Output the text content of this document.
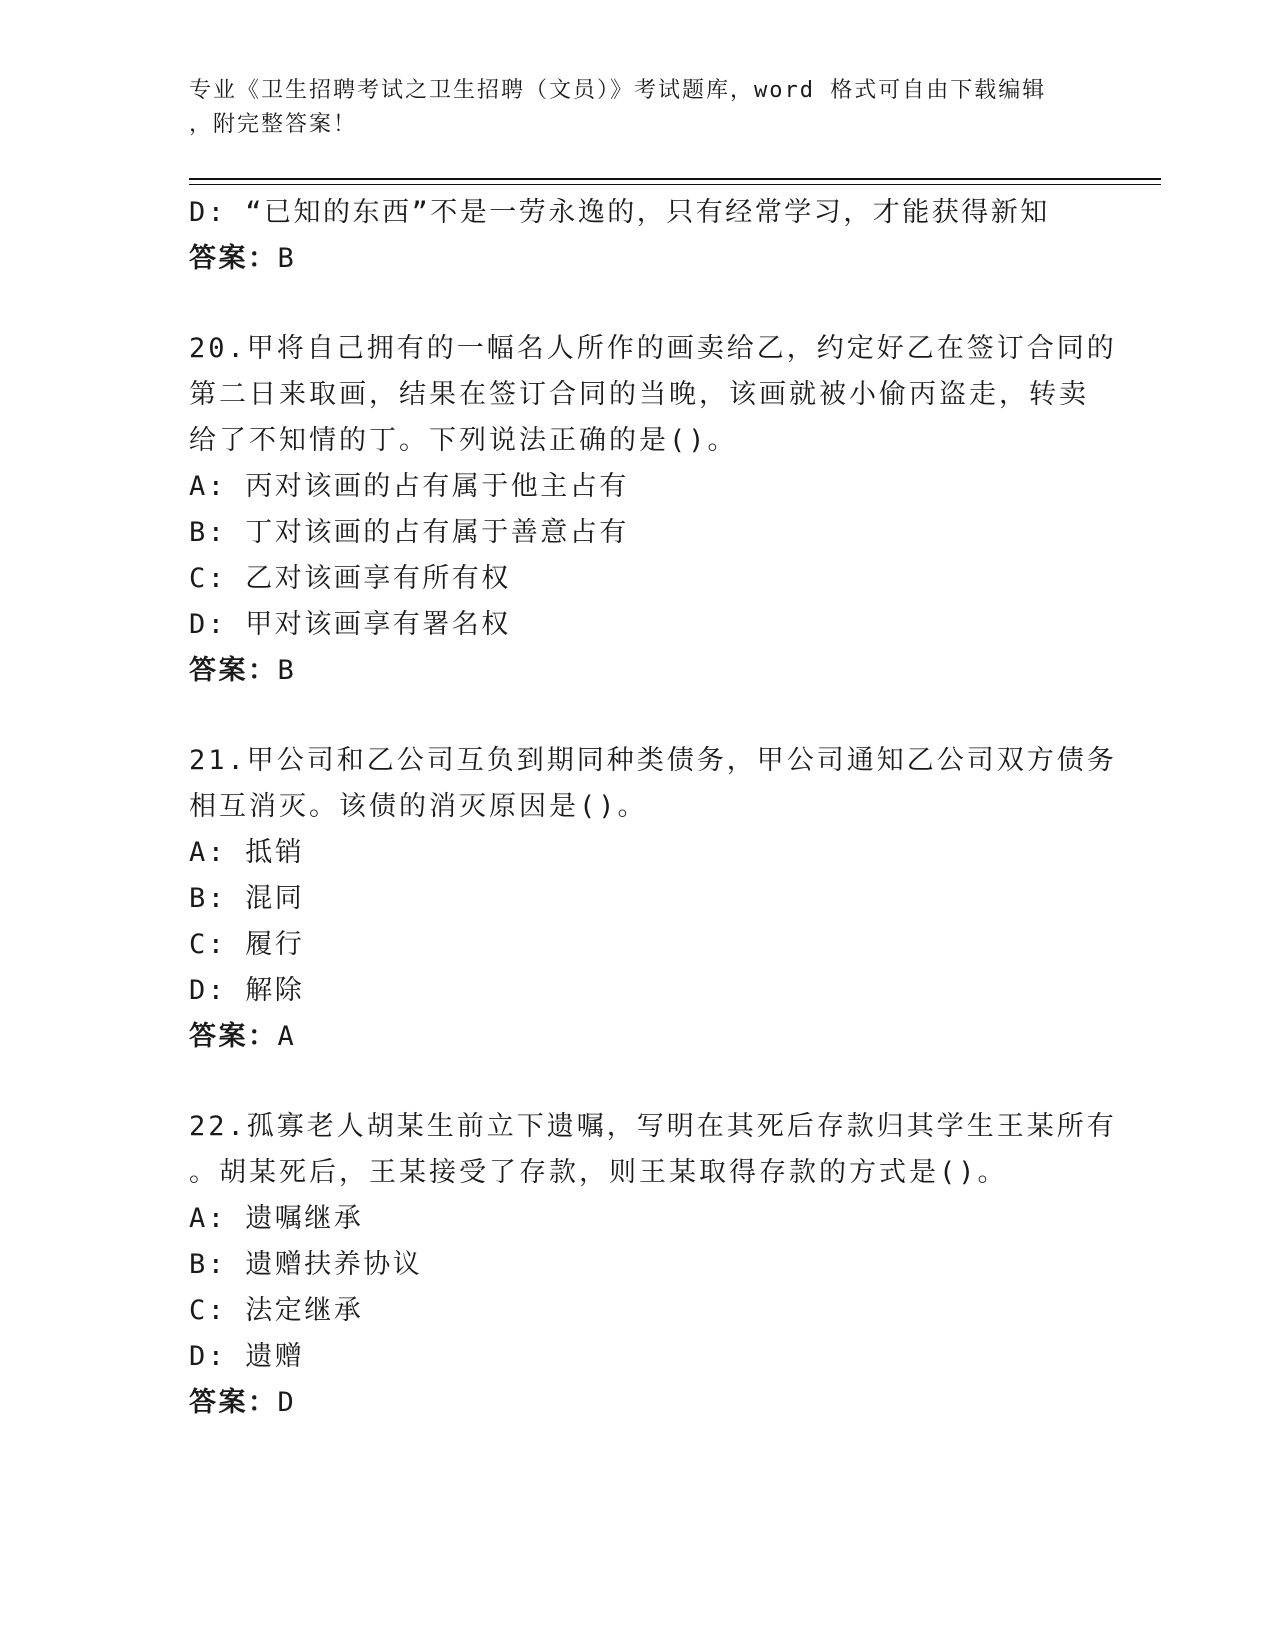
专业《卫生招聘考试之卫生招聘（文员）》考试题库，word 格式可自由下载编辑
，附完整答案！
D: “已知的东西”不是一劳永逸的，只有经常学习，才能获得新知
答案：B
20.甲将自己拥有的一幅名人所作的画卖给乙，约定好乙在签订合同的
第二日来取画，结果在签订合同的当晚，该画就被小偷丙盗走，转卖
给了不知情的丁。下列说法正确的是()。
A: 丙对该画的占有属于他主占有
B: 丁对该画的占有属于善意占有
C: 乙对该画享有所有权
D: 甲对该画享有署名权
答案：B
21.甲公司和乙公司互负到期同种类债务，甲公司通知乙公司双方债务
相互消灭。该债的消灭原因是()。
A: 抵销
B: 混同
C: 履行
D: 解除
答案：A
22.孤寡老人胡某生前立下遗嘱，写明在其死后存款归其学生王某所有
。胡某死后，王某接受了存款，则王某取得存款的方式是()。
A: 遗嘱继承
B: 遗赠扶养协议
C: 法定继承
D: 遗赠
答案：D
